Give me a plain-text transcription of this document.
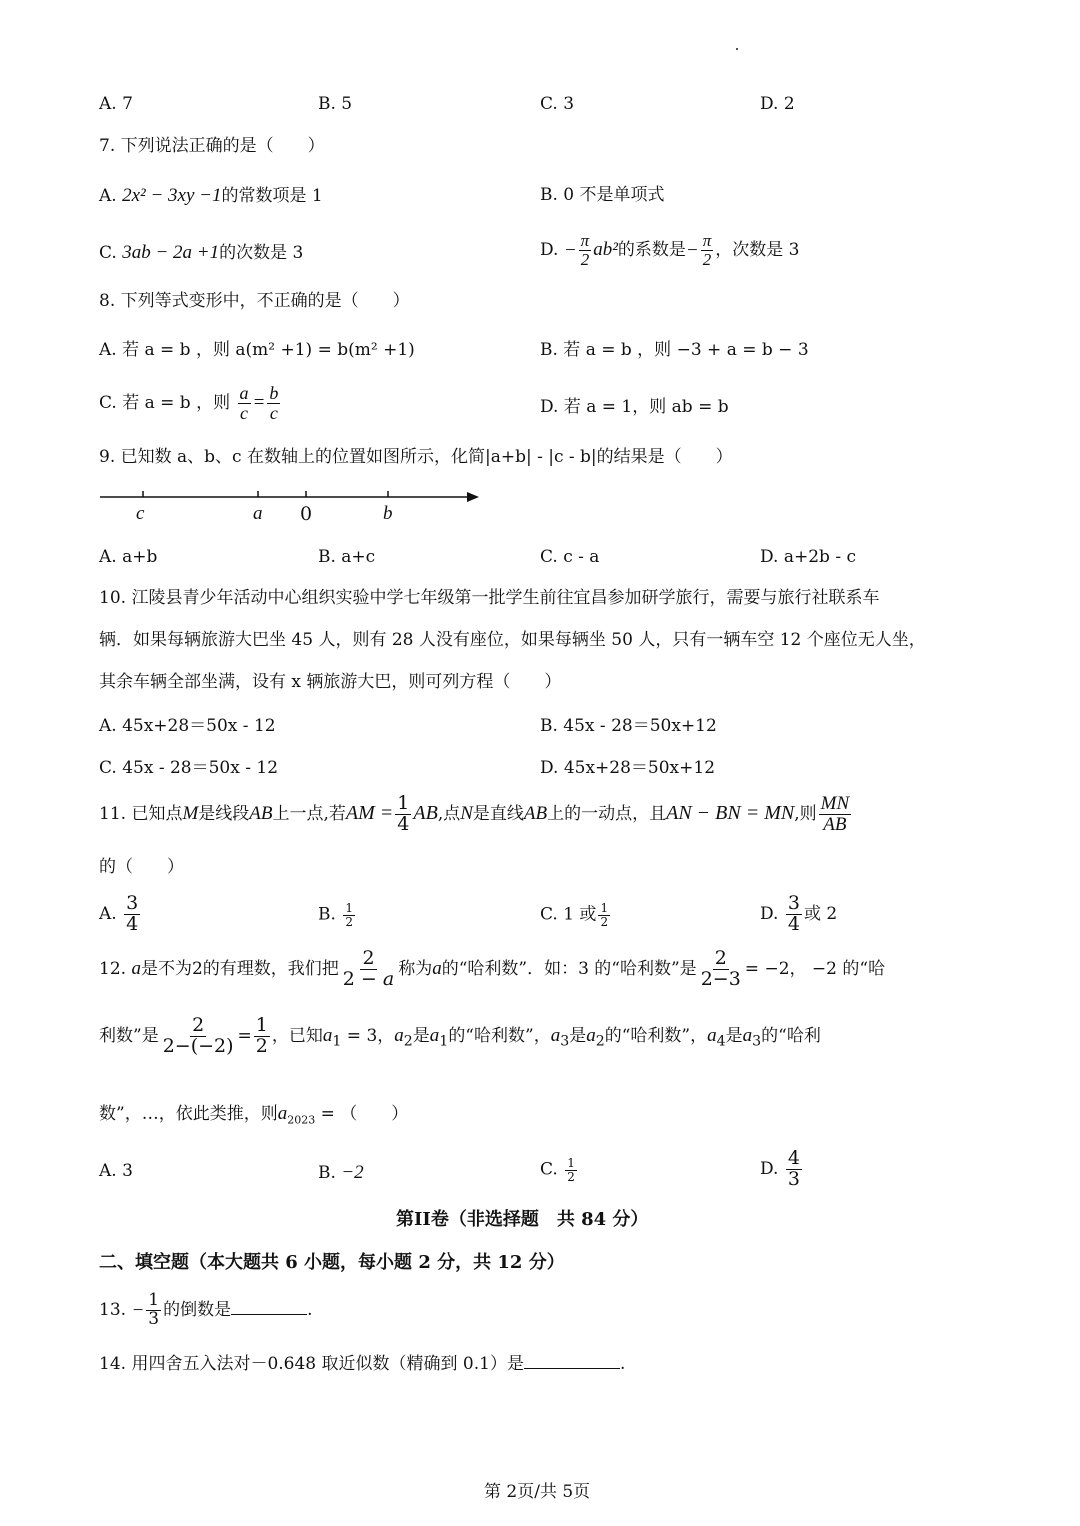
A. 7	B. 5	C. 3	D. 2
7. 下列说法正确的是（　　）
A. 2x² − 3xy −1的常数项是 1	B. 0 不是单项式
C. 3ab − 2a +1的次数是 3	D. − $\frac{\pi}{2} ab^2$的系数是− $\frac{\pi}{2}$ ，次数是 3
8. 下列等式变形中，不正确的是（　　）
A. 若 a = b ，则 a(m² +1) = b(m² +1)	B. 若 a = b ，则 −3 + a = b − 3
C. 若 a = b ，则 $\frac{a}{c} = \frac{b}{c}$	D. 若 a = 1，则 ab = b
9. 已知数 a、b、c 在数轴上的位置如图所示，化简|a+b| - |c - b|的结果是（　　）
c	a 0	b
A. a+b	B. a+c	C. c - a	D. a+2b - c
10. 江陵县青少年活动中心组织实验中学七年级第一批学生前往宜昌参加研学旅行，需要与旅行社联系车
辆．如果每辆旅游大巴坐 45 人，则有 28 人没有座位，如果每辆坐 50 人，只有一辆车空 12 个座位无人坐，
其余车辆全部坐满，设有 x 辆旅游大巴，则可列方程（　　）
A. 45x+28＝50x - 12	B. 45x - 28＝50x+12
C. 45x - 28＝50x - 12	D. 45x+28＝50x+12
11. 已知点M是线段AB上一点,若AM = $\frac{1}{4}$ AB,点N是直线AB上的一动点，且AN − BN = MN,则 $\frac{MN}{AB}$
的（　　）
A. $\frac{3}{4}$	B. $\frac{1}{2}$	C. 1 或 $\frac{1}{2}$	D. $\frac{3}{4}$ 或 2
12. a是不为2的有理数，我们把 $\frac{2}{2 - a}$ 称为a的“哈利数”．如：3 的“哈利数”是 $\frac{2}{2-3} = -2$， −2 的“哈
利数”是 $\frac{2}{2-(-2)} = \frac{1}{2}$ ，已知$a_1 = 3$，$a_2$是$a_1$的“哈利数”，$a_3$是$a_2$的“哈利数”，$a_4$是$a_3$的“哈利
数”，…，依此类推，则$a_{2023}$ = （　　）
A. 3	B. −2	C. $\frac{1}{2}$	D. $\frac{4}{3}$
第II卷（非选择题　共 84 分）
二、填空题（本大题共 6 小题，每小题 2 分，共 12 分）
13. − $\frac{1}{3}$ 的倒数是	.
14. 用四舍五入法对－0.648 取近似数（精确到 0.1）是	.
第 2页/共 5页
